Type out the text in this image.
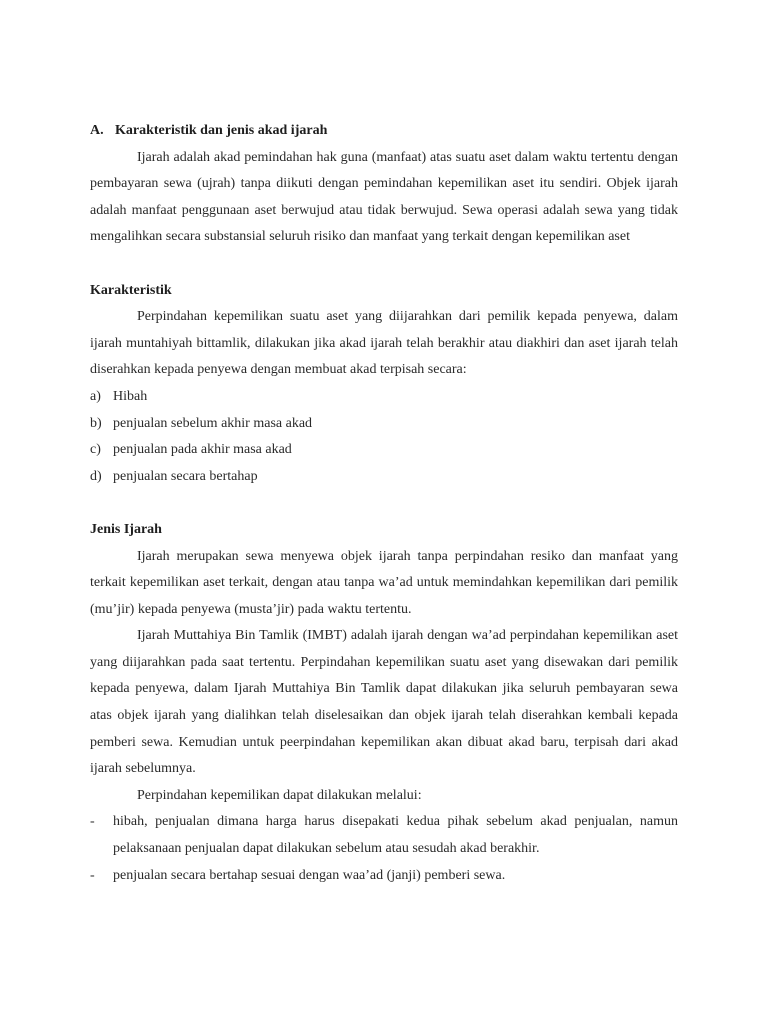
A. Karakteristik dan jenis akad ijarah

Ijarah adalah akad pemindahan hak guna (manfaat) atas suatu aset dalam waktu tertentu dengan pembayaran sewa (ujrah) tanpa diikuti dengan pemindahan kepemilikan aset itu sendiri. Objek ijarah adalah manfaat penggunaan aset berwujud atau tidak berwujud. Sewa operasi adalah sewa yang tidak mengalihkan secara substansial seluruh risiko dan manfaat yang terkait dengan kepemilikan aset

Karakteristik

Perpindahan kepemilikan suatu aset yang diijarahkan dari pemilik kepada penyewa, dalam ijarah muntahiyah bittamlik, dilakukan jika akad ijarah telah berakhir atau diakhiri dan aset ijarah telah diserahkan kepada penyewa dengan membuat akad terpisah secara:

a) Hibah
b) penjualan sebelum akhir masa akad
c) penjualan pada akhir masa akad
d) penjualan secara bertahap
Jenis Ijarah

Ijarah merupakan sewa menyewa objek ijarah tanpa perpindahan resiko dan manfaat yang terkait kepemilikan aset terkait, dengan atau tanpa wa’ad untuk memindahkan kepemilikan dari pemilik (mu’jir) kepada penyewa (musta’jir) pada waktu tertentu.

Ijarah Muttahiya Bin Tamlik (IMBT) adalah ijarah dengan wa’ad perpindahan kepemilikan aset yang diijarahkan pada saat tertentu. Perpindahan kepemilikan suatu aset yang disewakan dari pemilik kepada penyewa, dalam Ijarah Muttahiya Bin Tamlik dapat dilakukan jika seluruh pembayaran sewa atas objek ijarah yang dialihkan telah diselesaikan dan objek ijarah telah diserahkan kembali kepada pemberi sewa. Kemudian untuk peerpindahan kepemilikan akan dibuat akad baru, terpisah dari akad ijarah sebelumnya.

Perpindahan kepemilikan dapat dilakukan melalui:

-	hibah, penjualan dimana harga harus disepakati kedua pihak sebelum akad penjualan, namun pelaksanaan penjualan dapat dilakukan sebelum atau sesudah akad berakhir.
-	penjualan secara bertahap sesuai dengan waa’ad (janji) pemberi sewa.
